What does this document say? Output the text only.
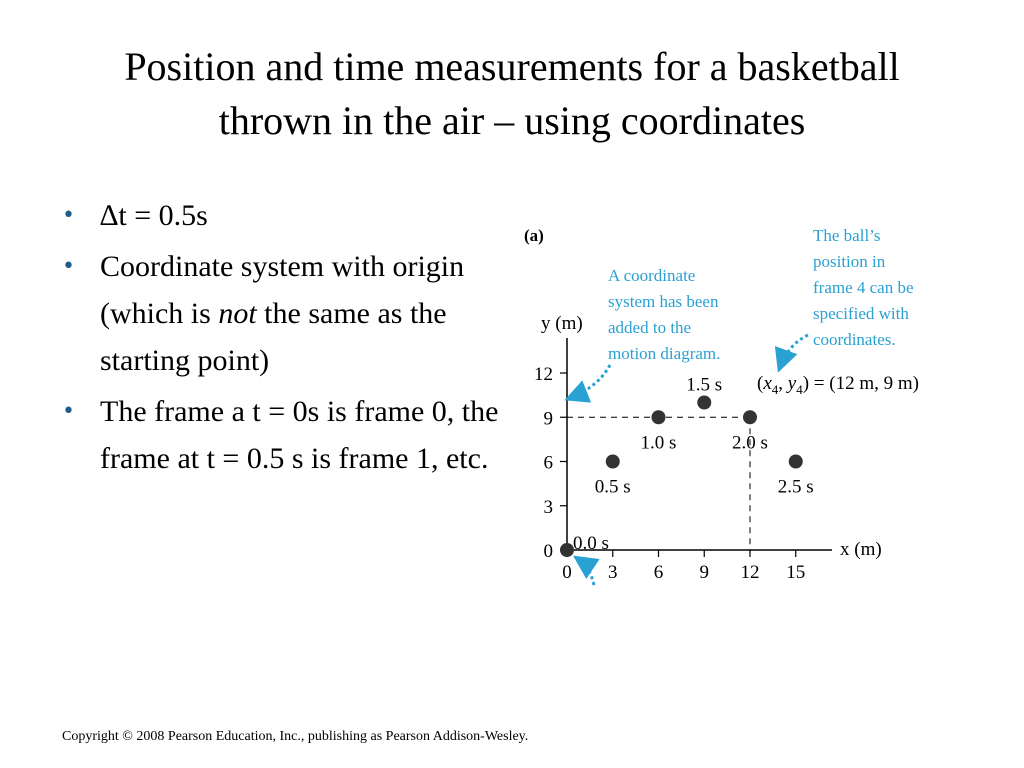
Position and time measurements for a basketball
thrown in the air – using coordinates
• ∆t = 0.5s
• Coordinate system with origin (which is not the same as the starting point)
• The frame a t = 0s is frame 0, the frame at t = 0.5 s is frame 1, etc.
(a)
y (m)
x (m)
0 3 6 9 12 15
0
3
6
9
12
0.0 s
0.5 s
1.0 s
1.5 s
2.0 s
2.5 s
($x_4$, $y_4) = (12$ m, 9 m)
A coordinate system has been added to the motion diagram.
The ball’s position in frame 4 can be specified with coordinates.
Copyright © 2008 Pearson Education, Inc., publishing as Pearson Addison-Wesley.
